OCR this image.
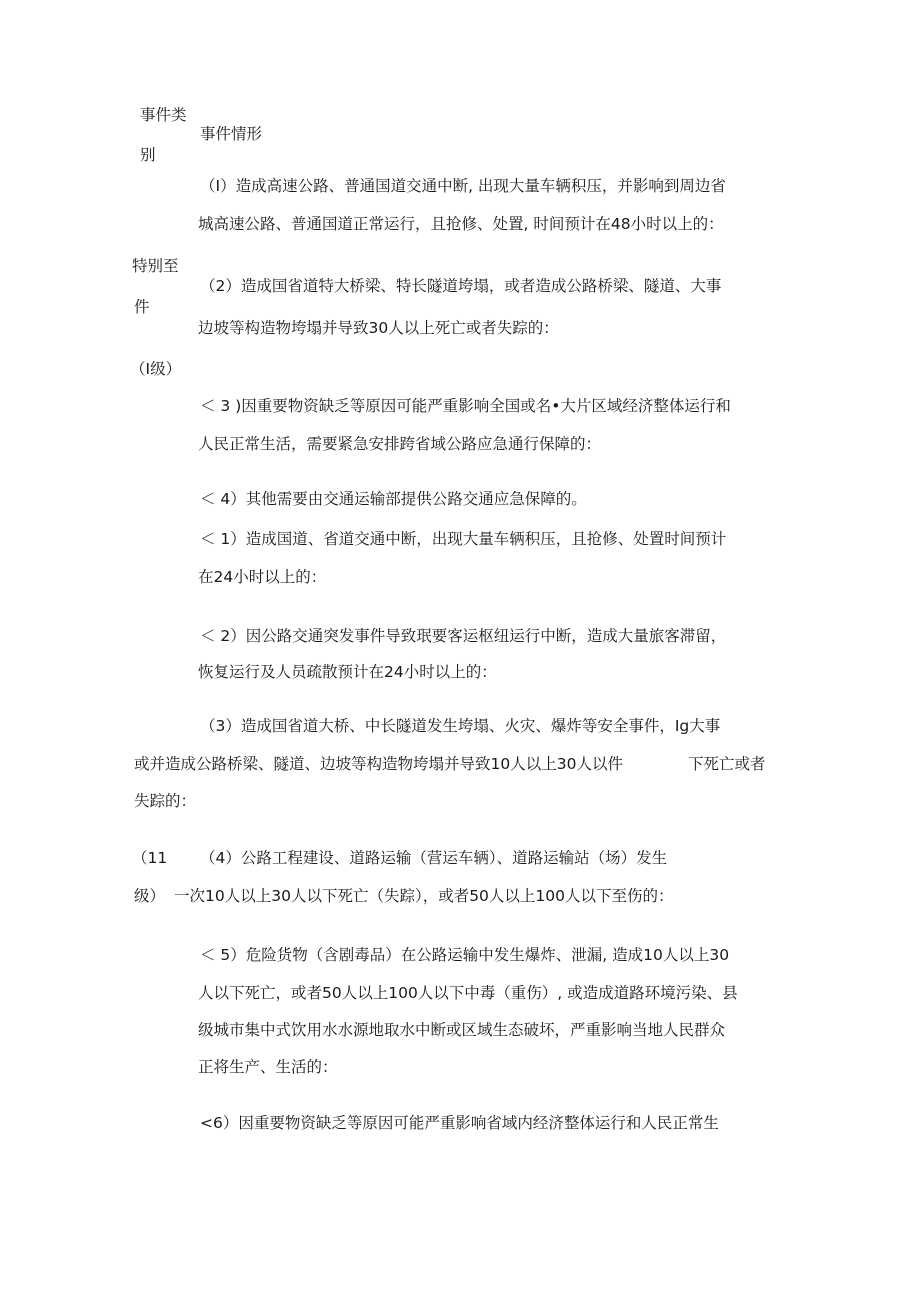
事件类
别
事件情形
（I）造成高速公路、普通国道交通中断, 出现大量车辆积压，并影响到周边省
城高速公路、普通国道正常运行，且抢修、处置, 时间预计在48小时以上的：
特别至
（2）造成国省道特大桥梁、特长隧道垮塌，或者造成公路桥梁、隧道、大事
件
边坡等构造物垮塌并导致30人以上死亡或者失踪的：
（I级）
＜ 3 )因重要物资缺乏等原因可能严重影响全国或名•大片区域经济整体运行和
人民正常生活，需要紧急安排跨省域公路应急通行保障的：
＜ 4）其他需要由交通运输部提供公路交通应急保障的。
＜ 1）造成国道、省道交通中断，出现大量车辆积压，且抢修、处置时间预计
在24小时以上的：
＜ 2）因公路交通突发事件导致珉要客运枢纽运行中断，造成大量旅客滞留，
恢复运行及人员疏散预计在24小时以上的：
（3）造成国省道大桥、中长隧道发生垮塌、火灾、爆炸等安全事件，Ig大事
或并造成公路桥梁、隧道、边坡等构造物垮塌并导致10人以上30人以件	下死亡或者
失踪的：
（11 （4）公路工程建设、道路运输（营运车辆）、道路运输站（场）发生
级） 一次10人以上30人以下死亡（失踪），或者50人以上100人以下至伤的：
＜ 5）危险货物（含剧毒品）在公路运输中发生爆炸、泄漏, 造成10人以上30
人以下死亡，或者50人以上100人以下中毒（重伤）, 或造成道路环境污染、县
级城市集中式饮用水水源地取水中断或区域生态破坏，严重影响当地人民群众
正将生产、生活的：
<6）因重要物资缺乏等原因可能严重影响省域内经济整体运行和人民正常生
